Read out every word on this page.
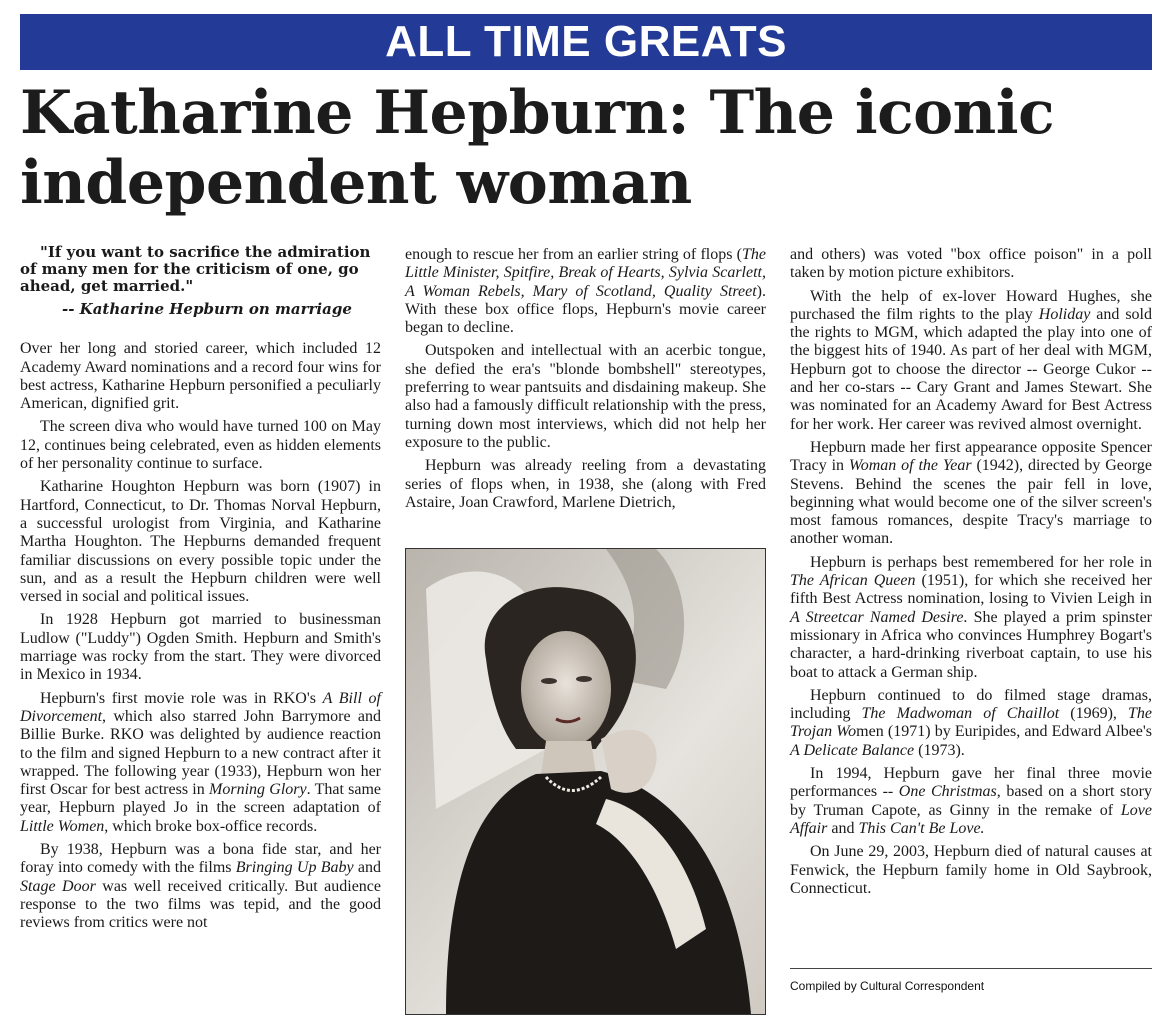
ALL TIME GREATS
Katharine Hepburn: The iconic independent woman

"If you want to sacrifice the admiration of many men for the criticism of one, go ahead, get married."

-- Katharine Hepburn on marriage

Over her long and storied career, which included 12 Academy Award nominations and a record four wins for best actress, Katharine Hepburn personified a peculiarly American, dignified grit.

The screen diva who would have turned 100 on May 12, continues being celebrated, even as hidden elements of her personality continue to surface.

Katharine Houghton Hepburn was born (1907) in Hartford, Connecticut, to Dr. Thomas Norval Hepburn, a successful urologist from Virginia, and Katharine Martha Houghton. The Hepburns demanded frequent familiar discussions on every possible topic under the sun, and as a result the Hepburn children were well versed in social and political issues.

In 1928 Hepburn got married to businessman Ludlow ("Luddy") Ogden Smith. Hepburn and Smith's marriage was rocky from the start. They were divorced in Mexico in 1934.

Hepburn's first movie role was in RKO's A Bill of Divorcement, which also starred John Barrymore and Billie Burke. RKO was delighted by audience reaction to the film and signed Hepburn to a new contract after it wrapped. The following year (1933), Hepburn won her first Oscar for best actress in Morning Glory. That same year, Hepburn played Jo in the screen adaptation of Little Women, which broke box-office records.

By 1938, Hepburn was a bona fide star, and her foray into comedy with the films Bringing Up Baby and Stage Door was well received critically. But audience response to the two films was tepid, and the good reviews from critics were not

enough to rescue her from an earlier string of flops (The Little Minister, Spitfire, Break of Hearts, Sylvia Scarlett, A Woman Rebels, Mary of Scotland, Quality Street). With these box office flops, Hepburn's movie career began to decline.

Outspoken and intellectual with an acerbic tongue, she defied the era's "blonde bombshell" stereotypes, preferring to wear pantsuits and disdaining makeup. She also had a famously difficult relationship with the press, turning down most interviews, which did not help her exposure to the public.

Hepburn was already reeling from a devastating series of flops when, in 1938, she (along with Fred Astaire, Joan Crawford, Marlene Dietrich,

and others) was voted "box office poison" in a poll taken by motion picture exhibitors.

With the help of ex-lover Howard Hughes, she purchased the film rights to the play Holiday and sold the rights to MGM, which adapted the play into one of the biggest hits of 1940. As part of her deal with MGM, Hepburn got to choose the director -- George Cukor -- and her co-stars -- Cary Grant and James Stewart. She was nominated for an Academy Award for Best Actress for her work. Her career was revived almost overnight.

Hepburn made her first appearance opposite Spencer Tracy in Woman of the Year (1942), directed by George Stevens. Behind the scenes the pair fell in love, beginning what would become one of the silver screen's most famous romances, despite Tracy's marriage to another woman.

Hepburn is perhaps best remembered for her role in The African Queen (1951), for which she received her fifth Best Actress nomination, losing to Vivien Leigh in A Streetcar Named Desire. She played a prim spinster missionary in Africa who convinces Humphrey Bogart's character, a hard-drinking riverboat captain, to use his boat to attack a German ship.

Hepburn continued to do filmed stage dramas, including The Madwoman of Chaillot (1969), The Trojan Women (1971) by Euripides, and Edward Albee's A Delicate Balance (1973).

In 1994, Hepburn gave her final three movie performances -- One Christmas, based on a short story by Truman Capote, as Ginny in the remake of Love Affair and This Can't Be Love.

On June 29, 2003, Hepburn died of natural causes at Fenwick, the Hepburn family home in Old Saybrook, Connecticut.

Compiled by Cultural Correspondent
